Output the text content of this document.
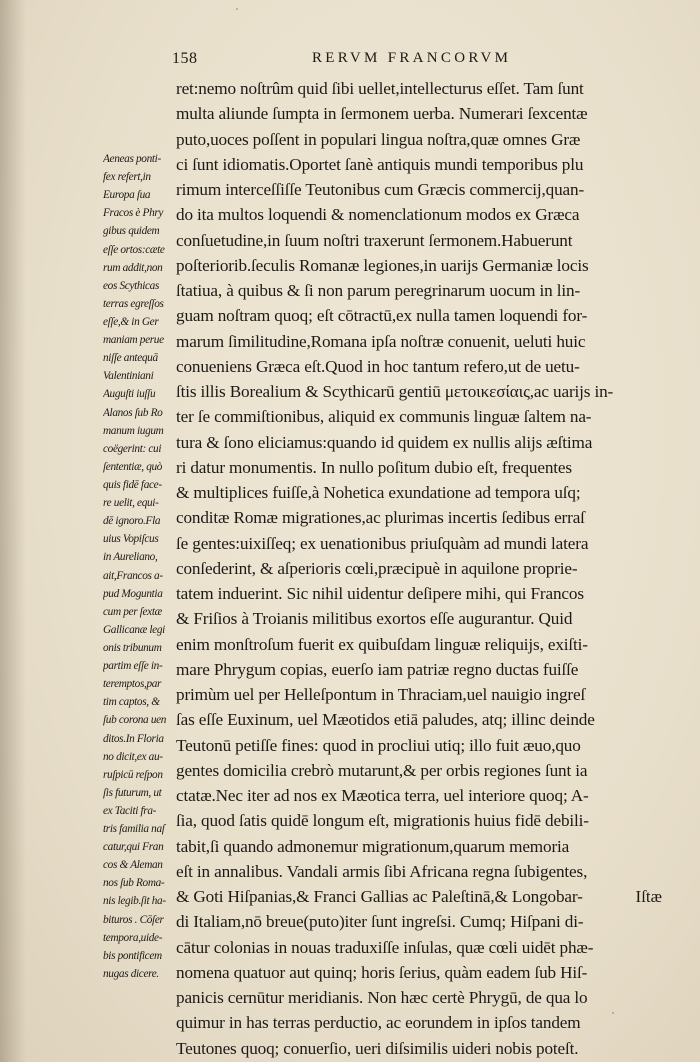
158	RERVM FRANCORVM
Aeneas ponti-
fex refert,in
Europa ſua
Fracos è Phry
gibus quidem
eſſe ortos:cæte
rum addit,non
eos Scythicas
terras egreſſos
eſſe,& in Ger
maniam perue
niſſe antequā
Valentiniani
Auguſti iuſſu
Alanos ſub Ro
manum iugum
coëgerint: cui
ſententiæ, quò
quis fidē face-
re uelit, equi-
dē ignoro.Fla
uius Vopiſcus
in Aureliano,
ait,Francos a-
pud Moguntia
cum per ſextæ
Gallicanæ legi
onis tribunum
partim eſſe in-
teremptos,par
tim captos, &
ſub corona uen
ditos.In Floria
no dicit,ex au-
ruſpicū reſpon
ſis futurum, ut
ex Taciti fra-
tris familia naſ
catur,qui Fran
cos & Aleman
nos ſub Roma-
nis legib.ſit ha-
bituros . Cōſer
tempora,uide-
bis pontificem
nugas dicere.
ret:nemo noſtrûm quid ſibi uellet,intellecturus eſſet. Tam ſunt
multa aliunde ſumpta in ſermonem uerba. Numerari ſexcentæ
puto,uoces poſſent in populari lingua noſtra,quæ omnes Græ
ci ſunt idiomatis.Oportet ſanè antiquis mundi temporibus plu
rimum interceſſiſſe Teutonibus cum Græcis commercij,quan-
do ita multos loquendi & nomenclationum modos ex Græca
conſuetudine,in ſuum noſtri traxerunt ſermonem.Habuerunt
poſteriorib.ſeculis Romanæ legiones,in uarijs Germaniæ locis
ſtatiua, à quibus & ſi non parum peregrinarum uocum in lin-
guam noſtram quoq; eſt cōtractū,ex nulla tamen loquendi for-
marum ſimilitudine,Romana ipſa noſtræ conuenit, ueluti huic
conueniens Græca eſt.Quod in hoc tantum refero,ut de uetu-
ſtis illis Borealium & Scythicarū gentiū μετοικεσίαις,ac uarijs in-
ter ſe commiſtionibus, aliquid ex communis linguæ ſaltem na-
tura & ſono eliciamus:quando id quidem ex nullis alijs æſtima
ri datur monumentis. In nullo poſitum dubio eſt, frequentes
& multiplices fuiſſe,à Nohetica exundatione ad tempora uſq;
conditæ Romæ migrationes,ac plurimas incertis ſedibus erraſ
ſe gentes:uixiſſeq; ex uenationibus priuſquàm ad mundi latera
conſederint, & aſperioris cœli,præcipuè in aquilone proprie-
tatem induerint. Sic nihil uidentur deſipere mihi, qui Francos
& Friſios à Troianis militibus exortos eſſe augurantur. Quid
enim monſtroſum fuerit ex quibuſdam linguæ reliquijs, exiſti-
mare Phrygum copias, euerſo iam patriæ regno ductas fuiſſe
primùm uel per Helleſpontum in Thraciam,uel nauigio ingreſ
ſas eſſe Euxinum, uel Mæotidos etiā paludes, atq; illinc deinde
Teutonū petiſſe fines: quod in procliui utiq; illo fuit æuo,quo
gentes domicilia crebrò mutarunt,& per orbis regiones ſunt ia
ctatæ.Nec iter ad nos ex Mæotica terra, uel interiore quoq; A-
ſia, quod ſatis quidē longum eſt, migrationis huius fidē debili-
tabit,ſi quando admonemur migrationum,quarum memoria
eſt in annalibus. Vandali armis ſibi Africana regna ſubigentes,
& Goti Hiſpanias,& Franci Gallias ac Paleſtinā,& Longobar-
di Italiam,nō breue(puto)iter ſunt ingreſsi. Cumq; Hiſpani di-
cātur colonias in nouas traduxiſſe inſulas, quæ cœli uidēt phæ-
nomena quatuor aut quinq; horis ſerius, quàm eadem ſub Hiſ-
panicis cernūtur meridianis. Non hæc certè Phrygū, de qua lo
quimur in has terras perductio, ac eorundem in ipſos tandem
Teutones quoq; conuerſio, ueri diſsimilis uideri nobis poteſt.
Iſtæ
